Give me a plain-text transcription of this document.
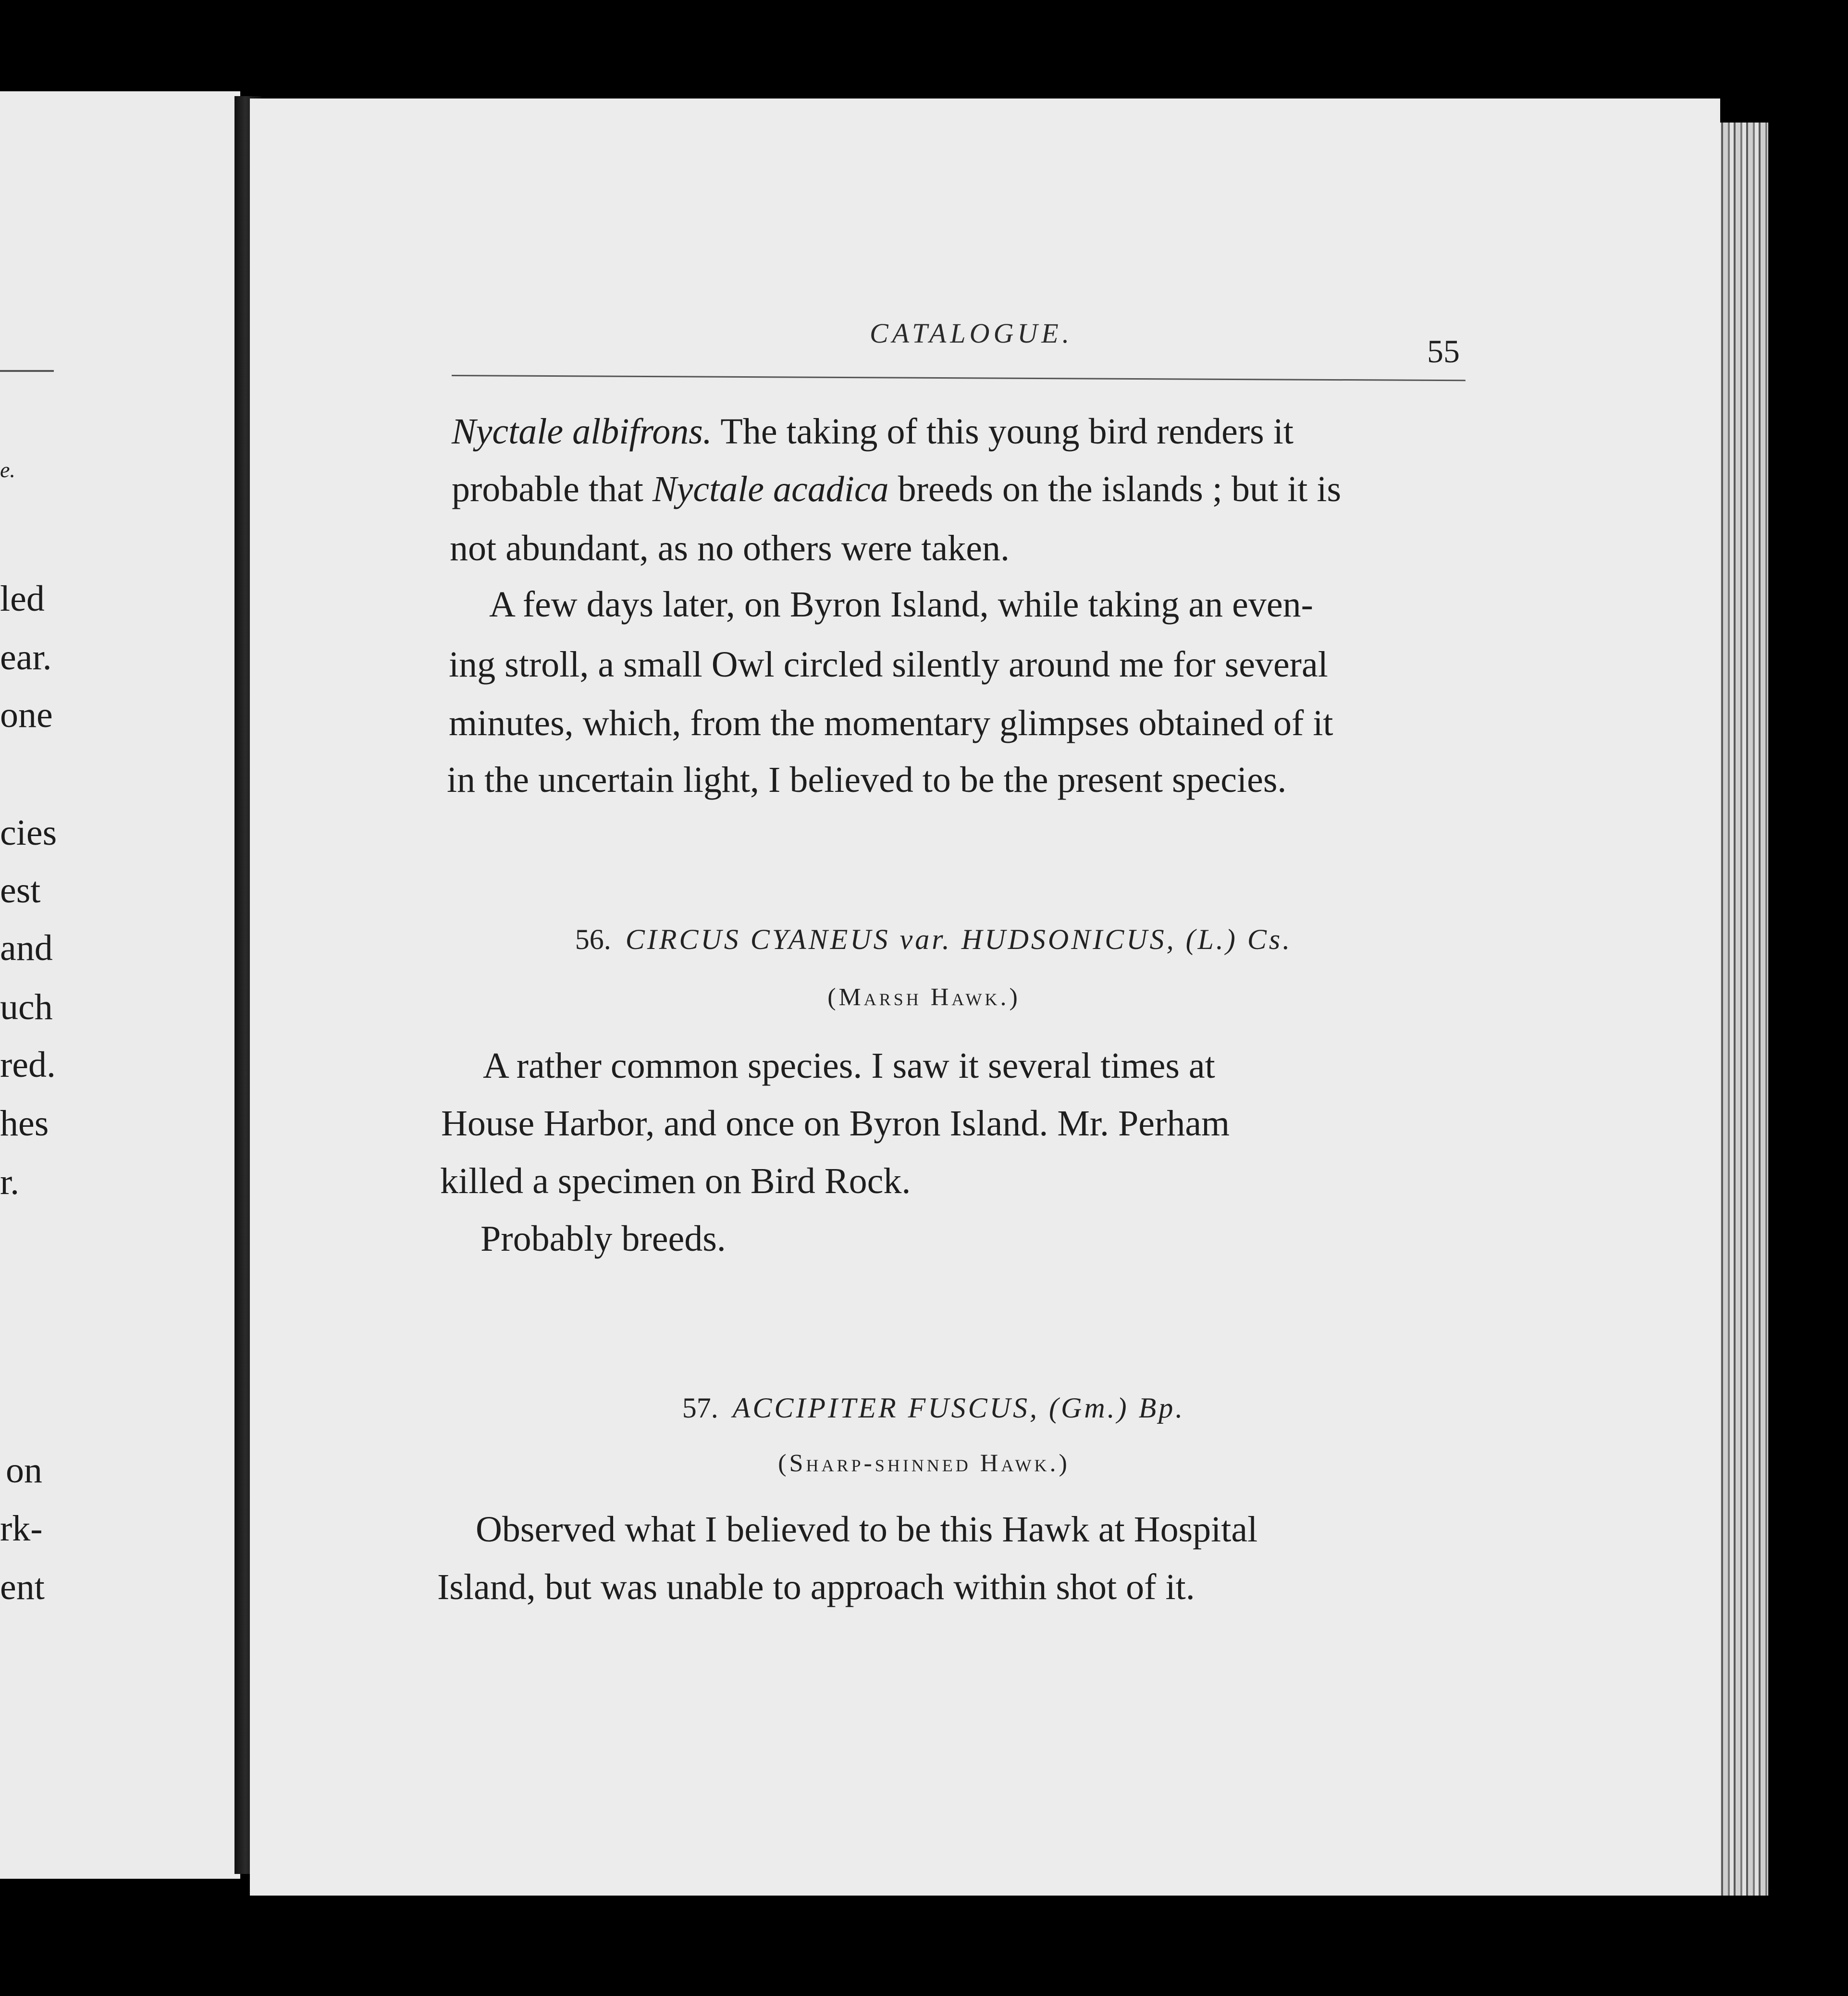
e.
led
ear.
one
cies
est
and
uch
red.
hes
r.
on
rk-
ent
CATALOGUE.	55
Nyctale albifrons. The taking of this young bird renders it
probable that Nyctale acadica breeds on the islands ; but it is
not abundant, as no others were taken.
A few days later, on Byron Island, while taking an even-
ing stroll, a small Owl circled silently around me for several
minutes, which, from the momentary glimpses obtained of it
in the uncertain light, I believed to be the present species.
56. CIRCUS CYANEUS var. HUDSONICUS, (L.) Cs.
(Marsh Hawk.)
A rather common species. I saw it several times at
House Harbor, and once on Byron Island. Mr. Perham
killed a specimen on Bird Rock.
Probably breeds.
57. ACCIPITER FUSCUS, (Gm.) Bp.
(Sharp-shinned Hawk.)
Observed what I believed to be this Hawk at Hospital
Island, but was unable to approach within shot of it.
